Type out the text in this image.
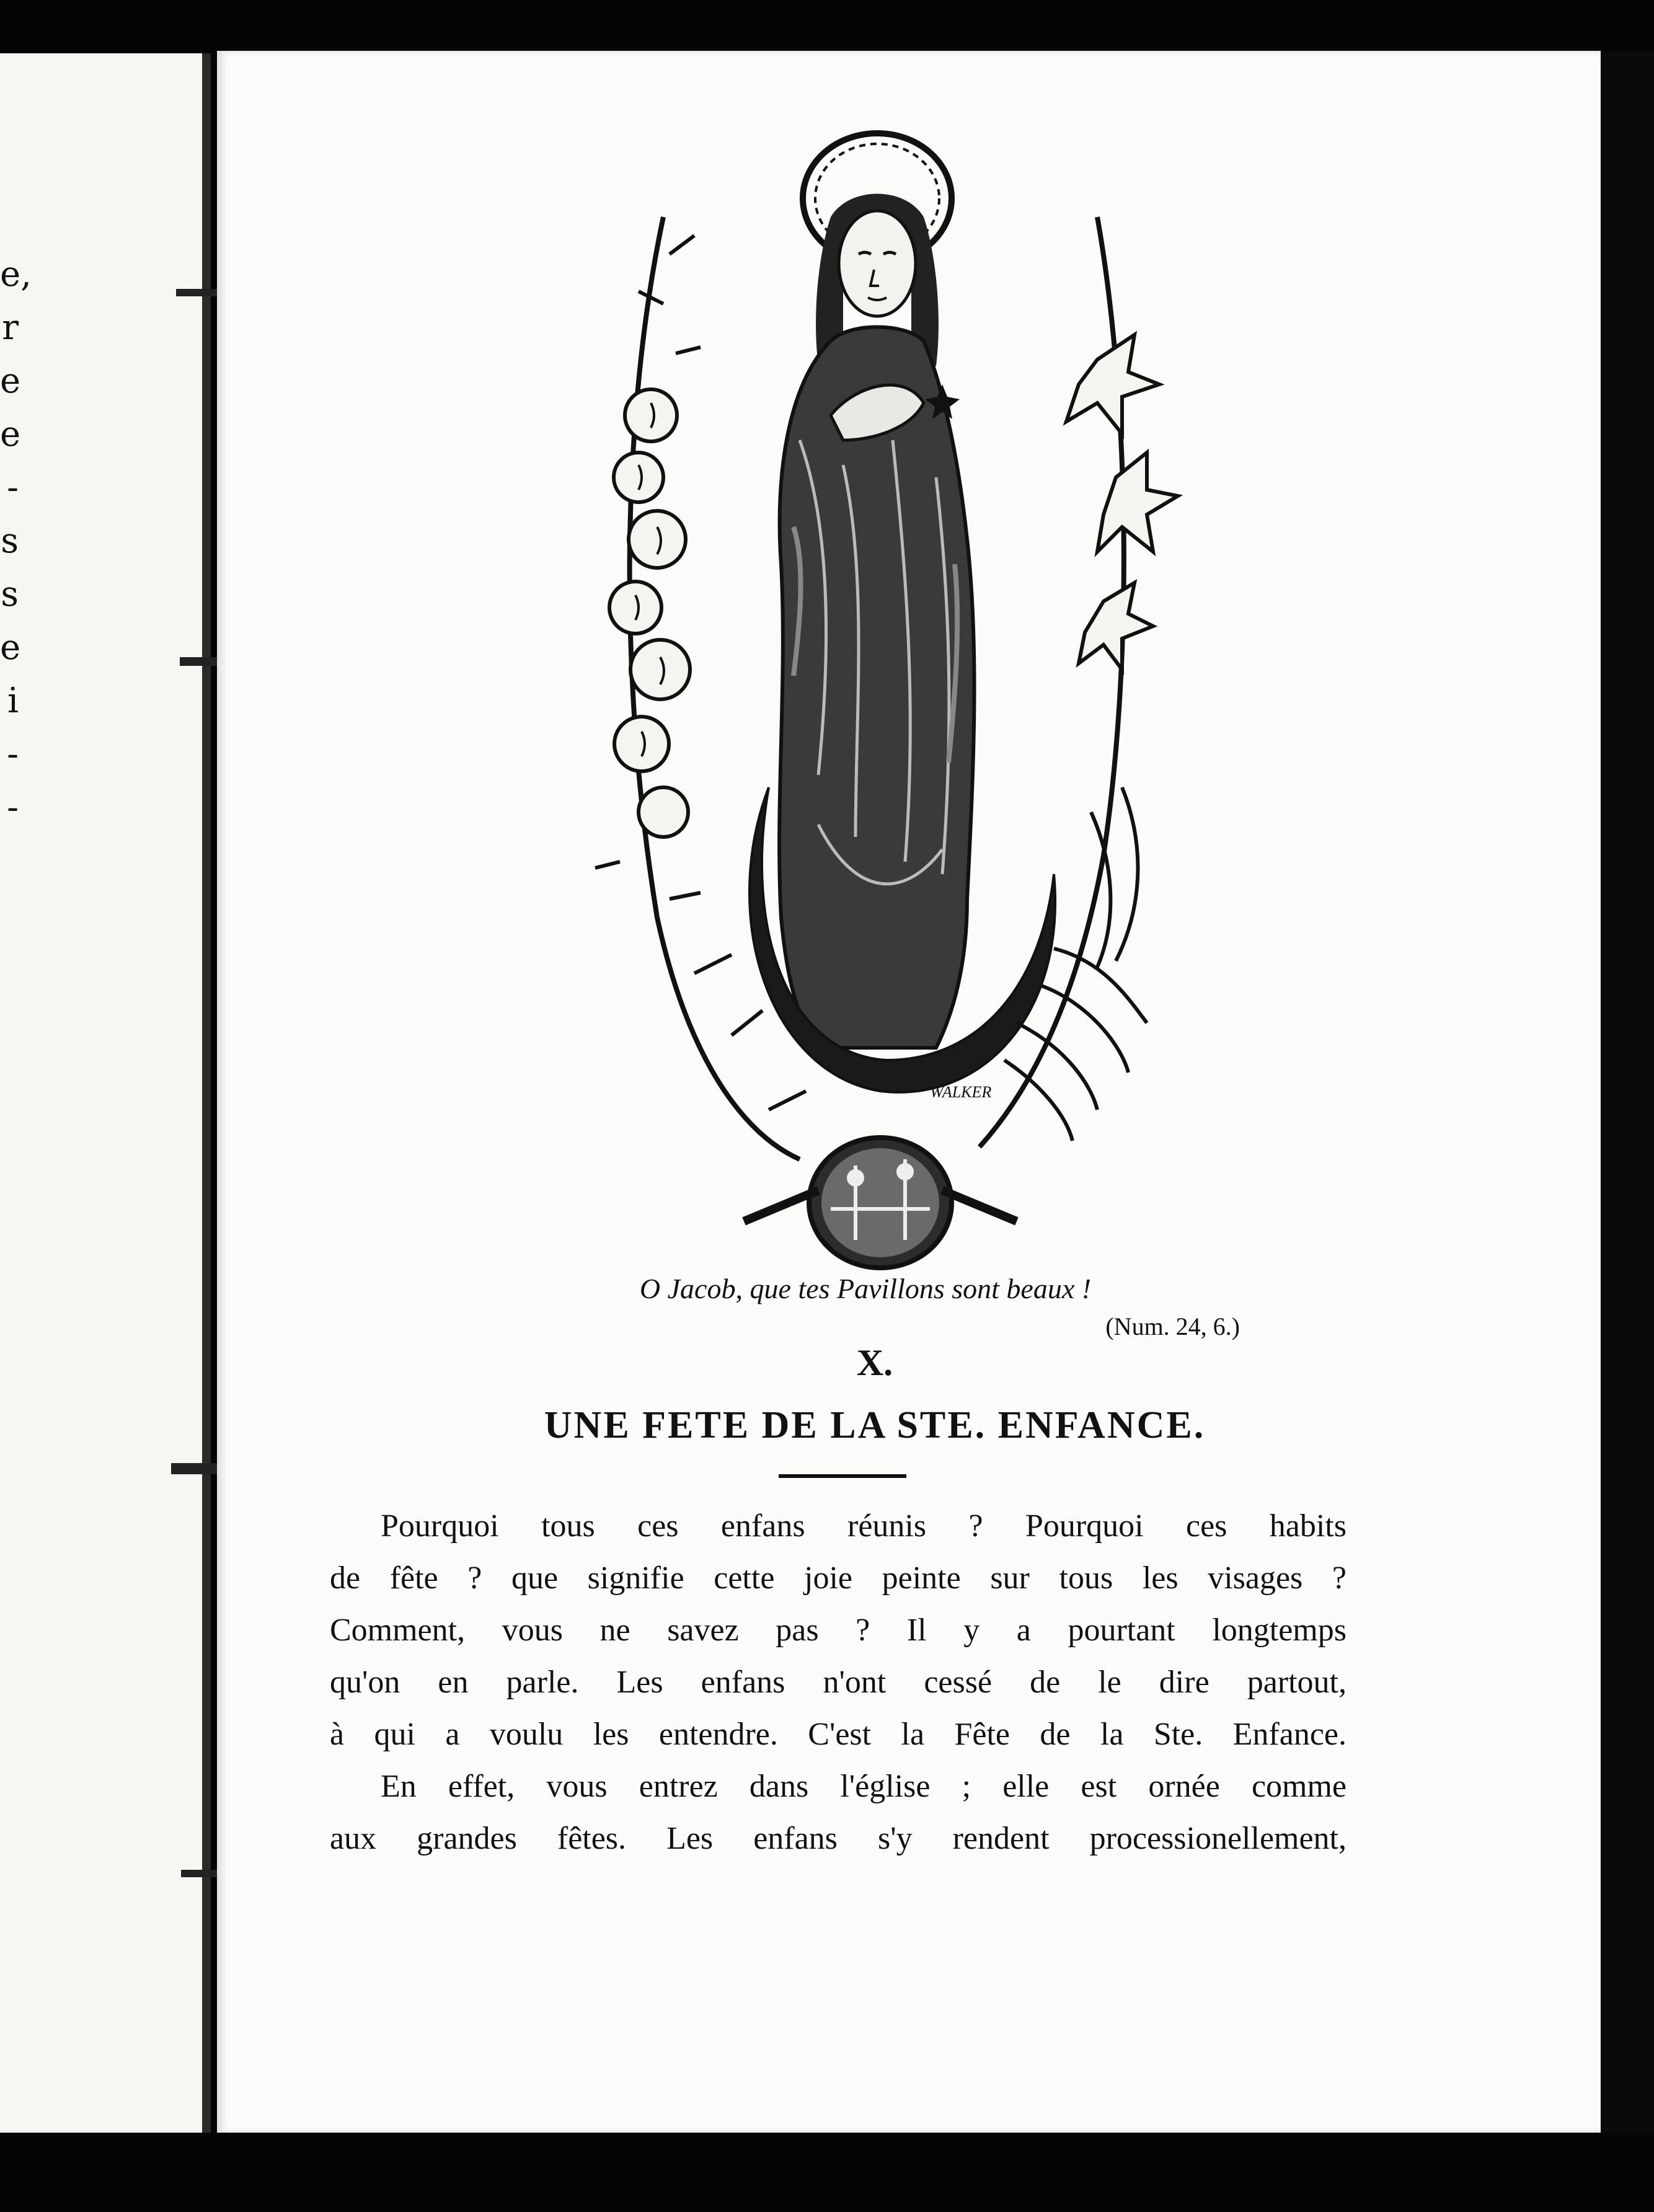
e,
r
e
e
-
s
s
e
i
-
-
WALKER
O Jacob, que tes Pavillons sont beaux !
(Num. 24, 6.)
X.
UNE FETE DE LA STE. ENFANCE.

Pourquoi tous ces enfans réunis ? Pourquoi ces habits
de fête ? que signifie cette joie peinte sur tous les visages ?
Comment, vous ne savez pas ? Il y a pourtant longtemps
qu'on en parle. Les enfans n'ont cessé de le dire partout,
à qui a voulu les entendre. C'est la Fête de la Ste. Enfance.

En effet, vous entrez dans l'église ; elle est ornée comme
aux grandes fêtes. Les enfans s'y rendent processionellement,
